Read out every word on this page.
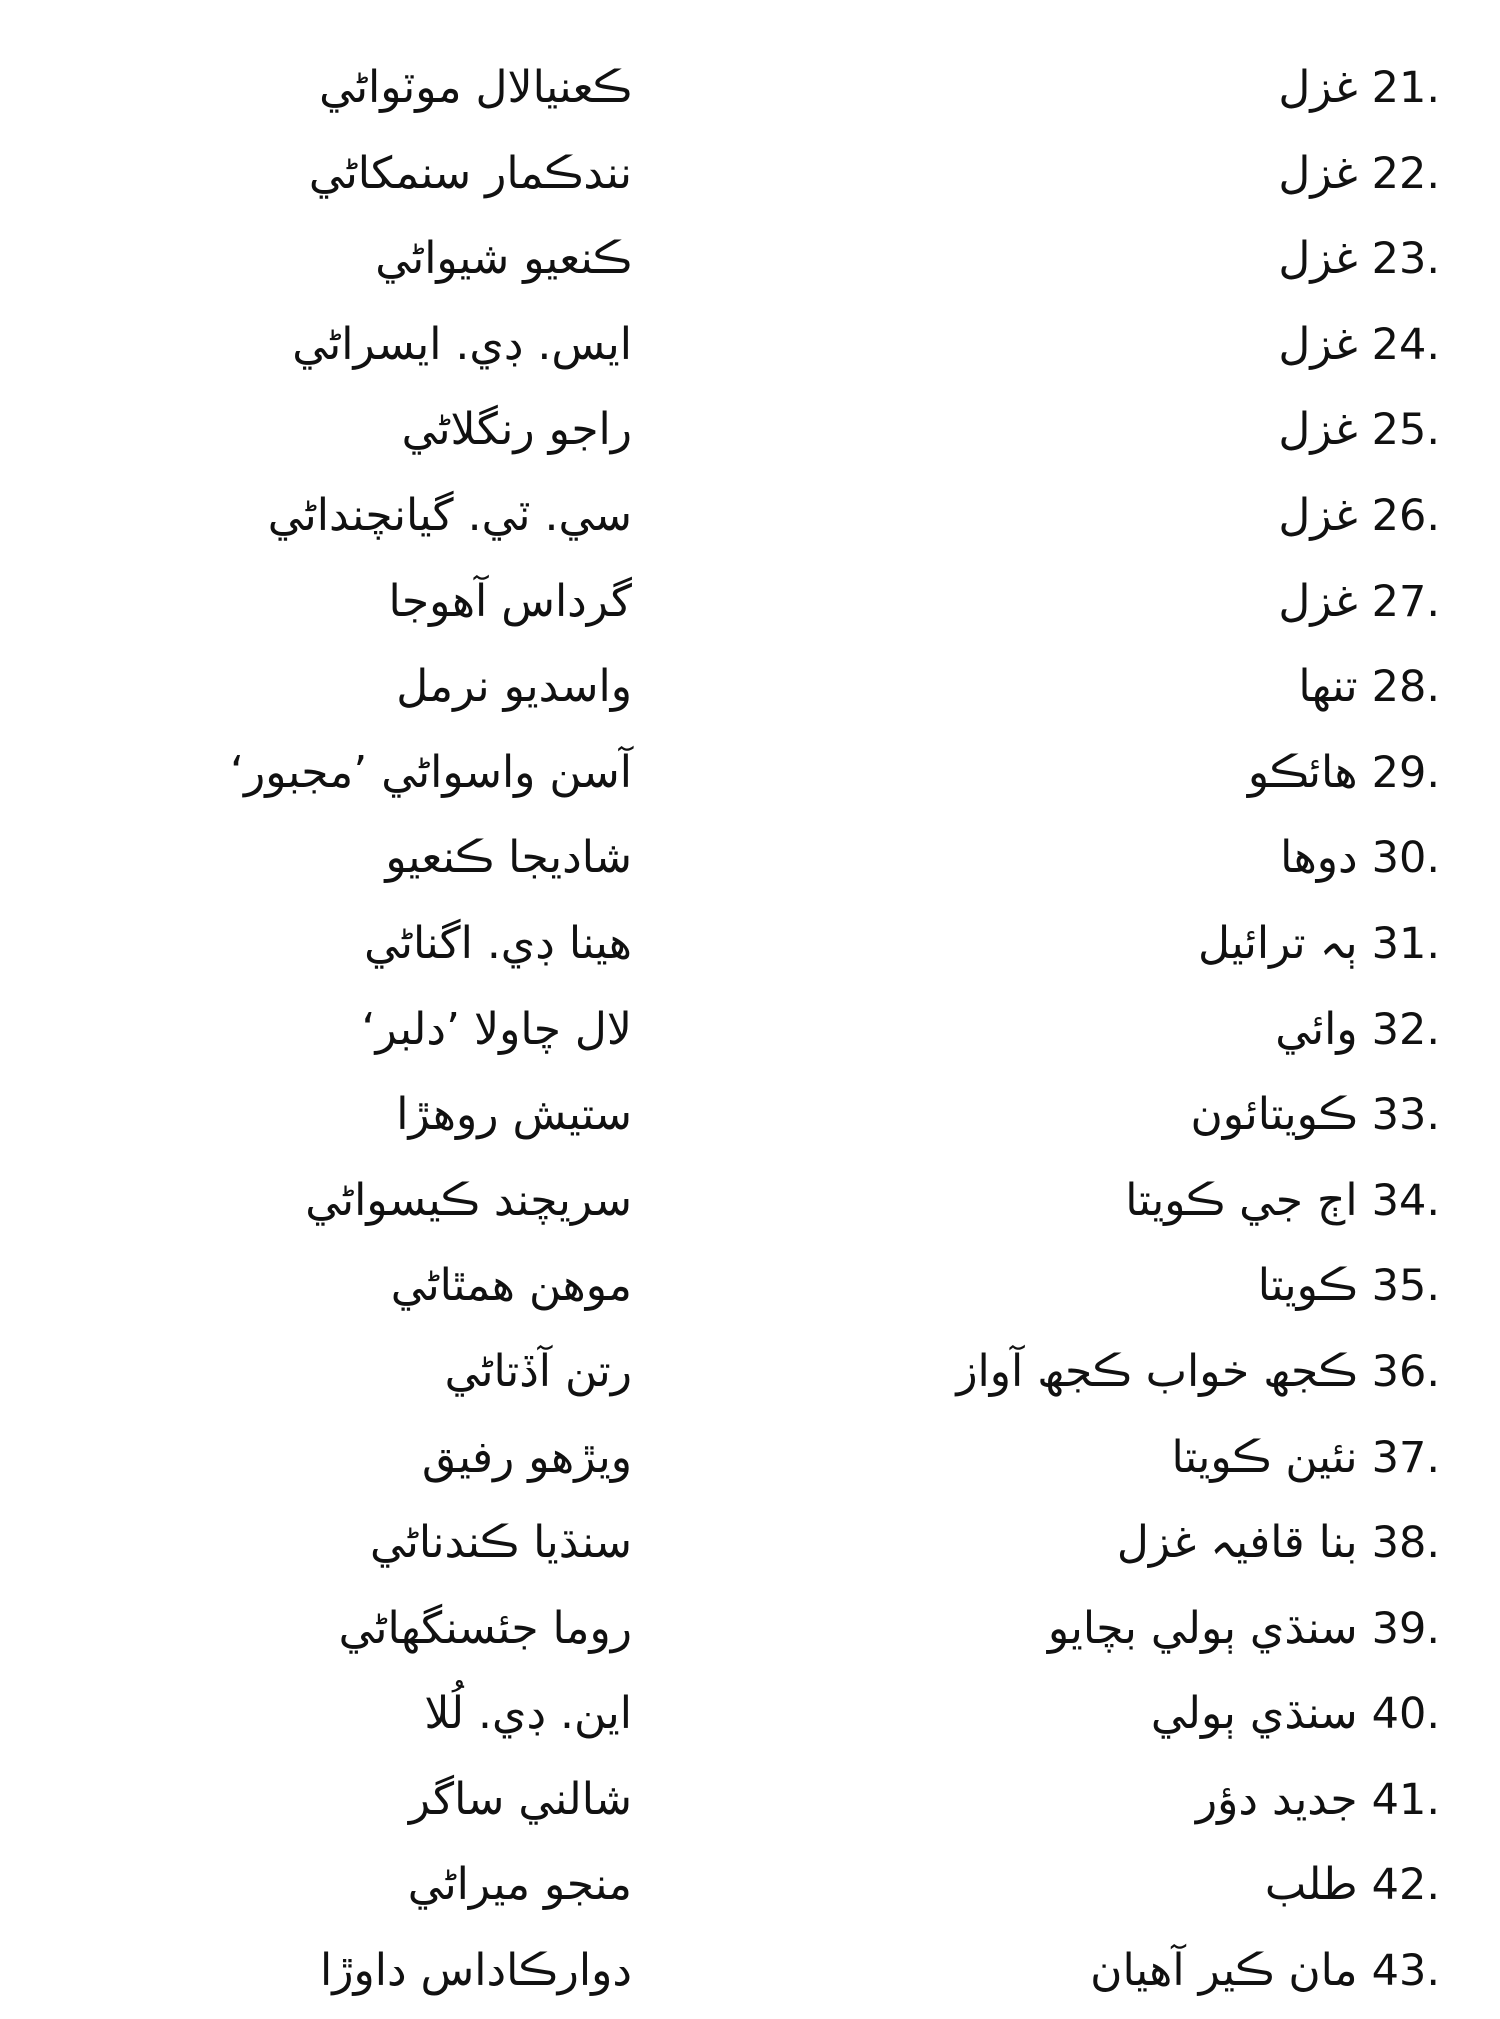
ڪعنيالال موٽواڻي	غزل 21.
نندڪمار سنمکاڻي	غزل 22.
ڪنعيو شيواڻي	غزل 23.
ايس. ڊي. ايسراڻي	غزل 24.
راجو رنگلاڻي	غزل 25.
سي. ٽي. گيانچنداڻي	غزل 26.
گرداس آهوجا	غزل 27.
واسديو نرمل	تنها 28.
آسن واسواڻي ’مجبور‘	هائڪو 29.
شاديجا ڪنعيو	دوها 30.
هينا ڊي. اگناڻي	ٻہ ترائيل 31.
لال چاولا ’دلبر‘	وائي 32.
ستيش روهڙا	ڪويتائون 33.
سريچند ڪيسواڻي	اڄ جي ڪويتا 34.
موهن همٿاڻي	ڪويتا 35.
رتن آڏتاڻي	ڪجھ خواب ڪجھ آواز 36.
ويڙهو رفيق	نئين ڪويتا 37.
سنڌيا ڪندناڻي	بنا قافيہ غزل 38.
روما جئسنگهاڻي	سنڌي ٻولي بچايو 39.
اين. ڊي. لُلا	سنڌي ٻولي 40.
شالني ساگر	جديد دؤر 41.
منجو ميراڻي	طلب 42.
دوارڪاداس داوڙا	مان ڪير آهيان 43.
